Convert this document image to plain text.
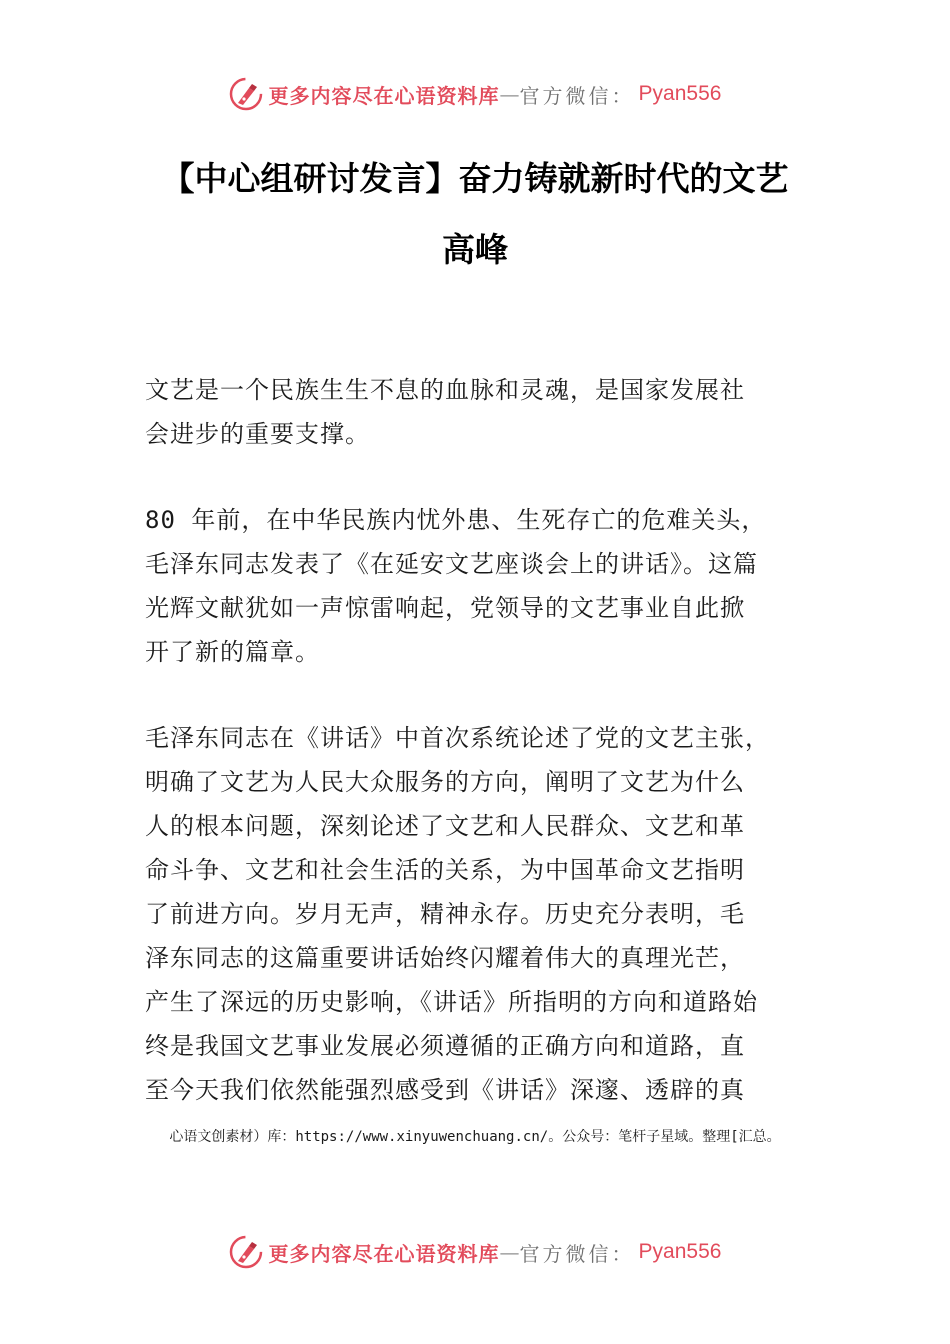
更多内容尽在心语资料库 — 官方微信： Pyan556
【中心组研讨发言】奋力铸就新时代的文艺
高峰

文艺是一个民族生生不息的血脉和灵魂，是国家发展社
会进步的重要支撑。

80 年前，在中华民族内忧外患、生死存亡的危难关头，
毛泽东同志发表了《在延安文艺座谈会上的讲话》。这篇
光辉文献犹如一声惊雷响起，党领导的文艺事业自此掀
开了新的篇章。

毛泽东同志在《讲话》中首次系统论述了党的文艺主张，
明确了文艺为人民大众服务的方向，阐明了文艺为什么
人的根本问题，深刻论述了文艺和人民群众、文艺和革
命斗争、文艺和社会生活的关系，为中国革命文艺指明
了前进方向。岁月无声，精神永存。历史充分表明，毛
泽东同志的这篇重要讲话始终闪耀着伟大的真理光芒，
产生了深远的历史影响，《讲话》所指明的方向和道路始
终是我国文艺事业发展必须遵循的正确方向和道路，直
至今天我们依然能强烈感受到《讲话》深邃、透辟的真

心语文创素材）库：https://www.xinyuwenchuang.cn/。公众号：笔杆子星域。整理[汇总。
更多内容尽在心语资料库 — 官方微信： Pyan556
